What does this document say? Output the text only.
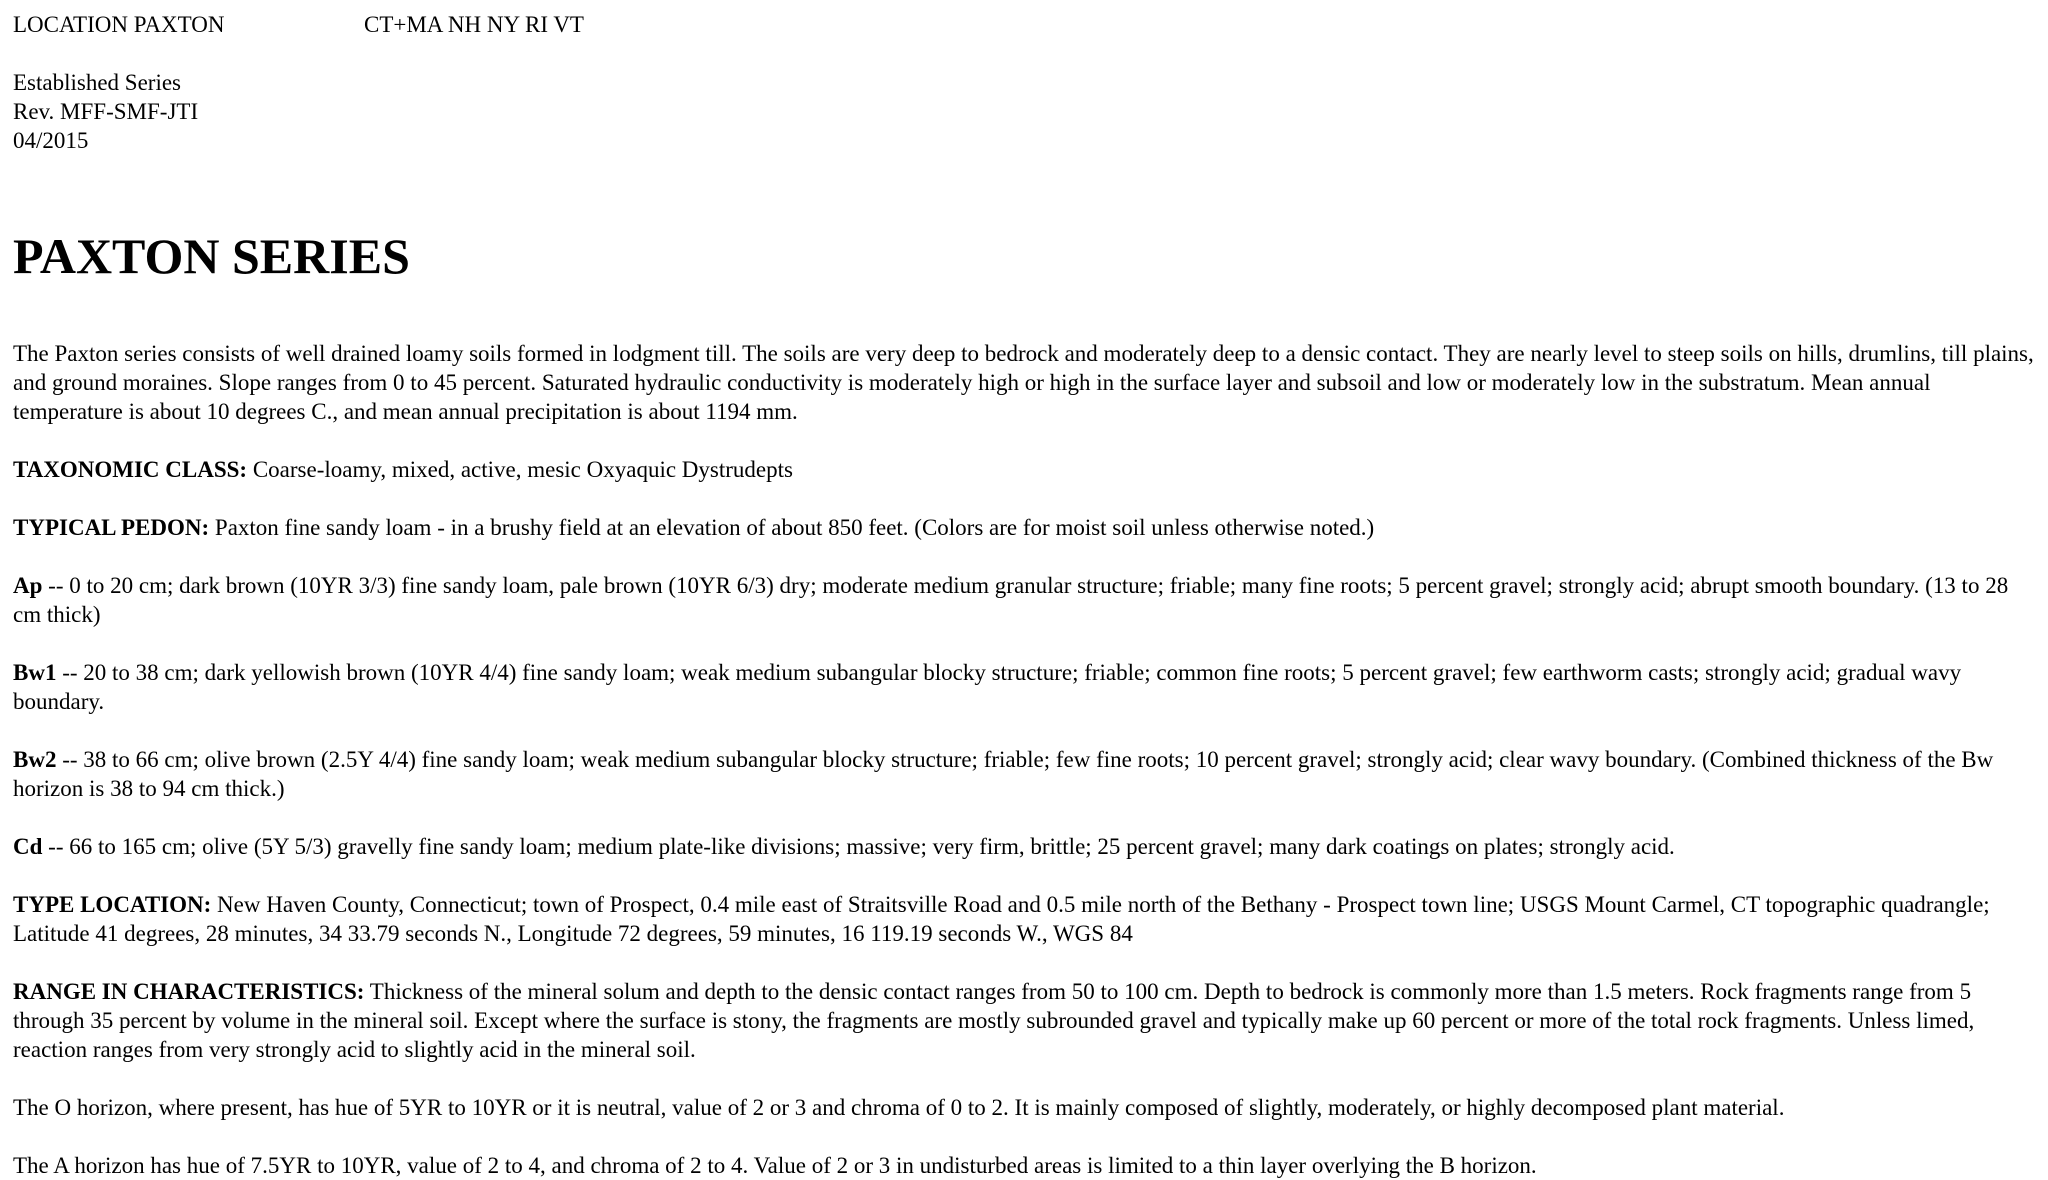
LOCATION PAXTON	CT+MA NH NY RI VT
Established Series
Rev. MFF-SMF-JTI
04/2015
PAXTON SERIES

The Paxton series consists of well drained loamy soils formed in lodgment till. The soils are very deep to bedrock and moderately deep to a densic contact. They are nearly level to steep soils on hills, drumlins, till plains, and ground moraines. Slope ranges from 0 to 45 percent. Saturated hydraulic conductivity is moderately high or high in the surface layer and subsoil and low or moderately low in the substratum. Mean annual temperature is about 10 degrees C., and mean annual precipitation is about 1194 mm.

TAXONOMIC CLASS: Coarse-loamy, mixed, active, mesic Oxyaquic Dystrudepts

TYPICAL PEDON: Paxton fine sandy loam - in a brushy field at an elevation of about 850 feet. (Colors are for moist soil unless otherwise noted.)

Ap -- 0 to 20 cm; dark brown (10YR 3/3) fine sandy loam, pale brown (10YR 6/3) dry; moderate medium granular structure; friable; many fine roots; 5 percent gravel; strongly acid; abrupt smooth boundary. (13 to 28 cm thick)

Bw1 -- 20 to 38 cm; dark yellowish brown (10YR 4/4) fine sandy loam; weak medium subangular blocky structure; friable; common fine roots; 5 percent gravel; few earthworm casts; strongly acid; gradual wavy boundary.

Bw2 -- 38 to 66 cm; olive brown (2.5Y 4/4) fine sandy loam; weak medium subangular blocky structure; friable; few fine roots; 10 percent gravel; strongly acid; clear wavy boundary. (Combined thickness of the Bw horizon is 38 to 94 cm thick.)

Cd -- 66 to 165 cm; olive (5Y 5/3) gravelly fine sandy loam; medium plate-like divisions; massive; very firm, brittle; 25 percent gravel; many dark coatings on plates; strongly acid.

TYPE LOCATION: New Haven County, Connecticut; town of Prospect, 0.4 mile east of Straitsville Road and 0.5 mile north of the Bethany - Prospect town line; USGS Mount Carmel, CT topographic quadrangle; Latitude 41 degrees, 28 minutes, 34 33.79 seconds N., Longitude 72 degrees, 59 minutes, 16 119.19 seconds W., WGS 84

RANGE IN CHARACTERISTICS: Thickness of the mineral solum and depth to the densic contact ranges from 50 to 100 cm. Depth to bedrock is commonly more than 1.5 meters. Rock fragments range from 5 through 35 percent by volume in the mineral soil. Except where the surface is stony, the fragments are mostly subrounded gravel and typically make up 60 percent or more of the total rock fragments. Unless limed, reaction ranges from very strongly acid to slightly acid in the mineral soil.

The O horizon, where present, has hue of 5YR to 10YR or it is neutral, value of 2 or 3 and chroma of 0 to 2. It is mainly composed of slightly, moderately, or highly decomposed plant material.

The A horizon has hue of 7.5YR to 10YR, value of 2 to 4, and chroma of 2 to 4. Value of 2 or 3 in undisturbed areas is limited to a thin layer overlying the B horizon.
